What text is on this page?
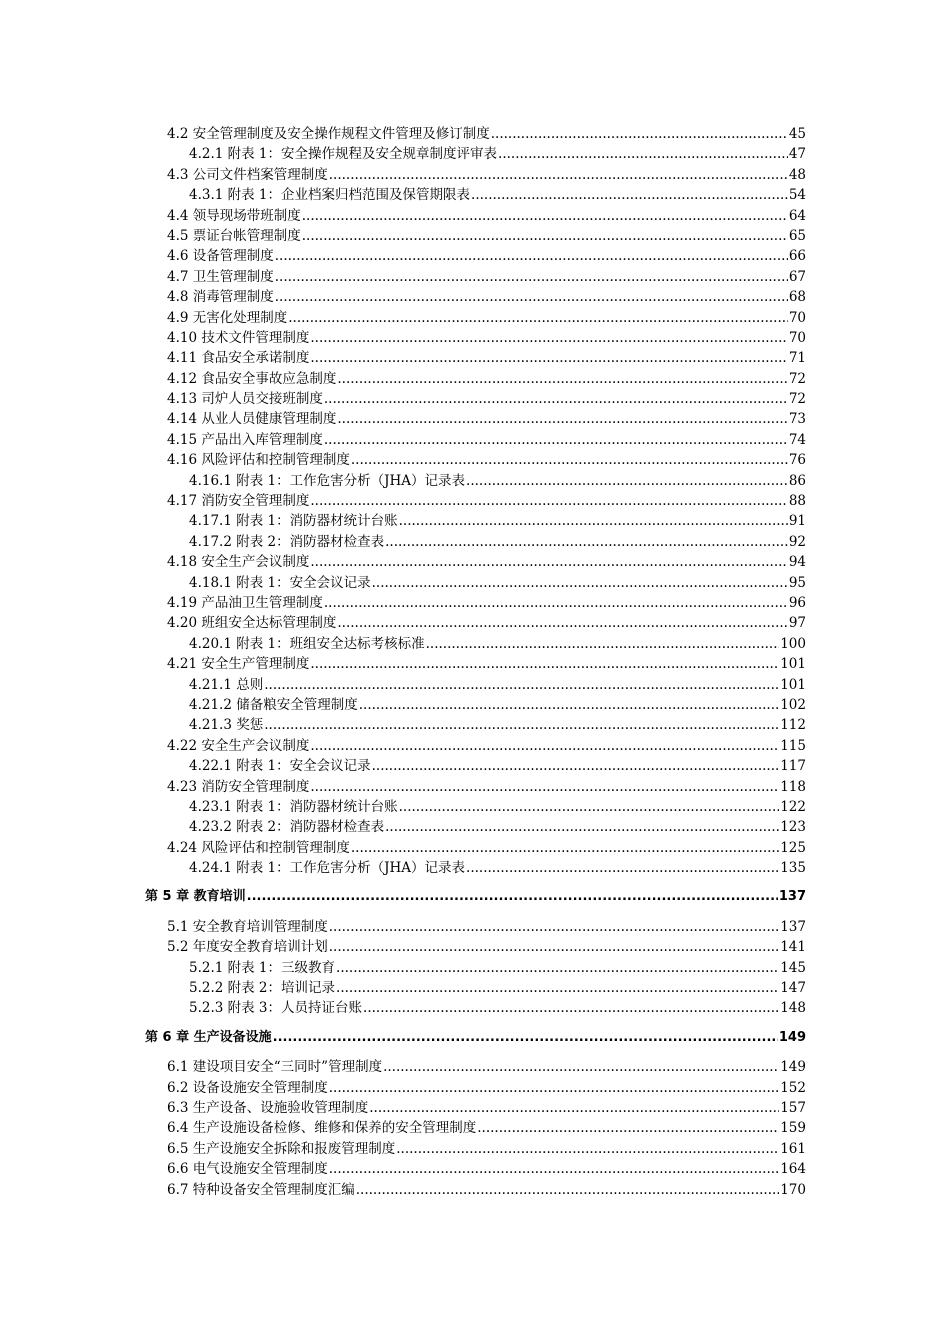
4.2 安全管理制度及安全操作规程文件管理及修订制度 .....	45
4.2.1 附表 1：安全操作规程及安全规章制度评审表 .....	47
4.3 公司文件档案管理制度 .....	48
4.3.1 附表 1：企业档案归档范围及保管期限表 .....	54
4.4 领导现场带班制度 .....	64
4.5 票证台帐管理制度 .....	65
4.6 设备管理制度 .....	66
4.7 卫生管理制度 .....	67
4.8 消毒管理制度 .....	68
4.9 无害化处理制度 .....	70
4.10 技术文件管理制度 .....	70
4.11 食品安全承诺制度 .....	71
4.12 食品安全事故应急制度 .....	72
4.13 司炉人员交接班制度 .....	72
4.14 从业人员健康管理制度 .....	73
4.15 产品出入库管理制度 .....	74
4.16 风险评估和控制管理制度 .....	76
4.16.1 附表 1：工作危害分析（JHA）记录表 .....	86
4.17 消防安全管理制度 .....	88
4.17.1 附表 1：消防器材统计台账 .....	91
4.17.2 附表 2：消防器材检查表 .....	92
4.18 安全生产会议制度 .....	94
4.18.1 附表 1：安全会议记录 .....	95
4.19 产品油卫生管理制度 .....	96
4.20 班组安全达标管理制度 .....	97
4.20.1 附表 1：班组安全达标考核标准 .....	100
4.21 安全生产管理制度 .....	101
4.21.1 总则 .....	101
4.21.2 储备粮安全管理制度 .....	102
4.21.3 奖惩 .....	112
4.22 安全生产会议制度 .....	115
4.22.1 附表 1：安全会议记录 .....	117
4.23 消防安全管理制度 .....	118
4.23.1 附表 1：消防器材统计台账 .....	122
4.23.2 附表 2：消防器材检查表 .....	123
4.24 风险评估和控制管理制度 .....	125
4.24.1 附表 1：工作危害分析（JHA）记录表 .....	135
第 5 章 教育培训 .....	137
5.1 安全教育培训管理制度 .....	137
5.2 年度安全教育培训计划 .....	141
5.2.1 附表 1：三级教育 .....	145
5.2.2 附表 2：培训记录 .....	147
5.2.3 附表 3：人员持证台账 .....	148
第 6 章 生产设备设施 .....	149
6.1 建设项目安全“三同时”管理制度 .....	149
6.2 设备设施安全管理制度 .....	152
6.3 生产设备、设施验收管理制度 .....	157
6.4 生产设施设备检修、维修和保养的安全管理制度 .....	159
6.5 生产设施安全拆除和报废管理制度 .....	161
6.6 电气设施安全管理制度 .....	164
6.7 特种设备安全管理制度汇编 .....	170
